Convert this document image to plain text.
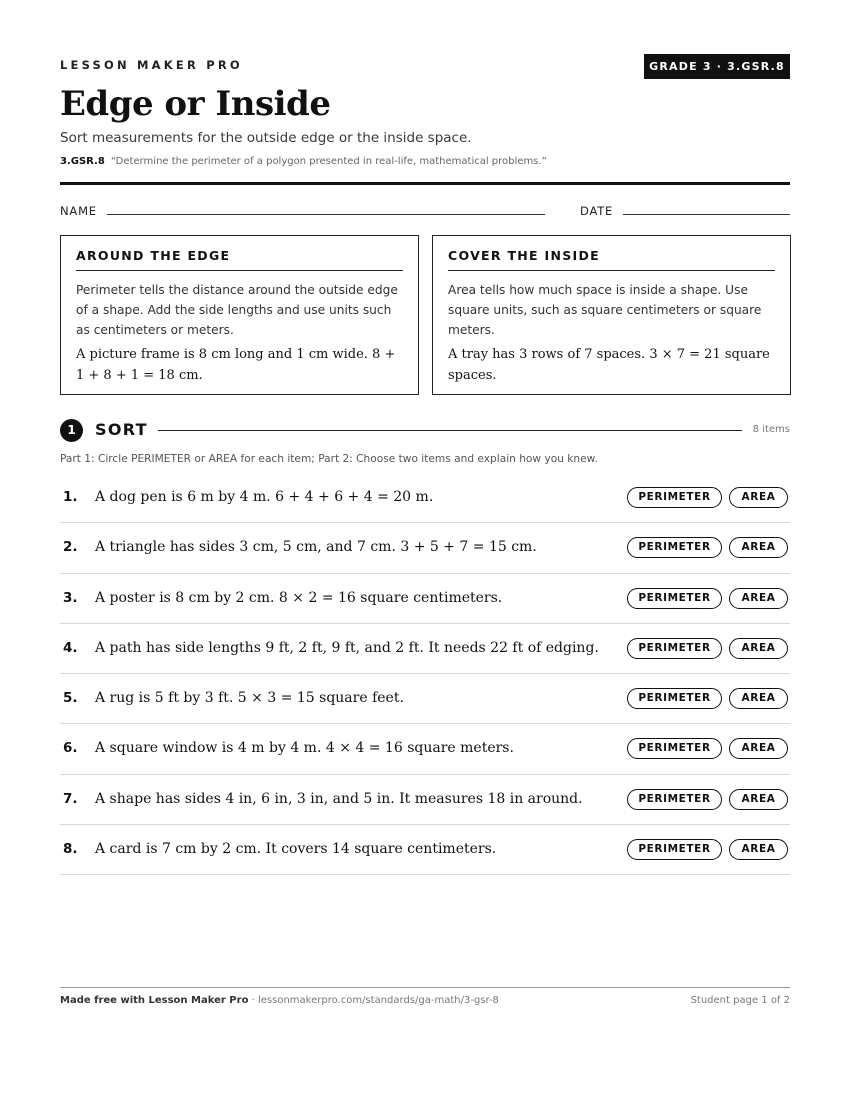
LESSON MAKER PRO	GRADE 3 · 3.GSR.8
Edge or Inside
Sort measurements for the outside edge or the inside space.
3.GSR.8 “Determine the perimeter of a polygon presented in real-life, mathematical problems.”
NAME	DATE
AROUND THE EDGE
Perimeter tells the distance around the outside edge of a shape. Add the side lengths and use units such as centimeters or meters.
A picture frame is 8 cm long and 1 cm wide. 8 + 1 + 8 + 1 = 18 cm.
COVER THE INSIDE
Area tells how much space is inside a shape. Use square units, such as square centimeters or square meters.
A tray has 3 rows of 7 spaces. 3 × 7 = 21 square spaces.
1	SORT	8 items
Part 1: Circle PERIMETER or AREA for each item; Part 2: Choose two items and explain how you knew.
1. A dog pen is 6 m by 4 m. 6 + 4 + 6 + 4 = 20 m.	PERIMETER	AREA
2. A triangle has sides 3 cm, 5 cm, and 7 cm. 3 + 5 + 7 = 15 cm.	PERIMETER	AREA
3. A poster is 8 cm by 2 cm. 8 × 2 = 16 square centimeters.	PERIMETER	AREA
4. A path has side lengths 9 ft, 2 ft, 9 ft, and 2 ft. It needs 22 ft of edging.	PERIMETER	AREA
5. A rug is 5 ft by 3 ft. 5 × 3 = 15 square feet.	PERIMETER	AREA
6. A square window is 4 m by 4 m. 4 × 4 = 16 square meters.	PERIMETER	AREA
7. A shape has sides 4 in, 6 in, 3 in, and 5 in. It measures 18 in around.	PERIMETER	AREA
8. A card is 7 cm by 2 cm. It covers 14 square centimeters.	PERIMETER	AREA
Made free with Lesson Maker Pro · lessonmakerpro.com/standards/ga-math/3-gsr-8	Student page 1 of 2
